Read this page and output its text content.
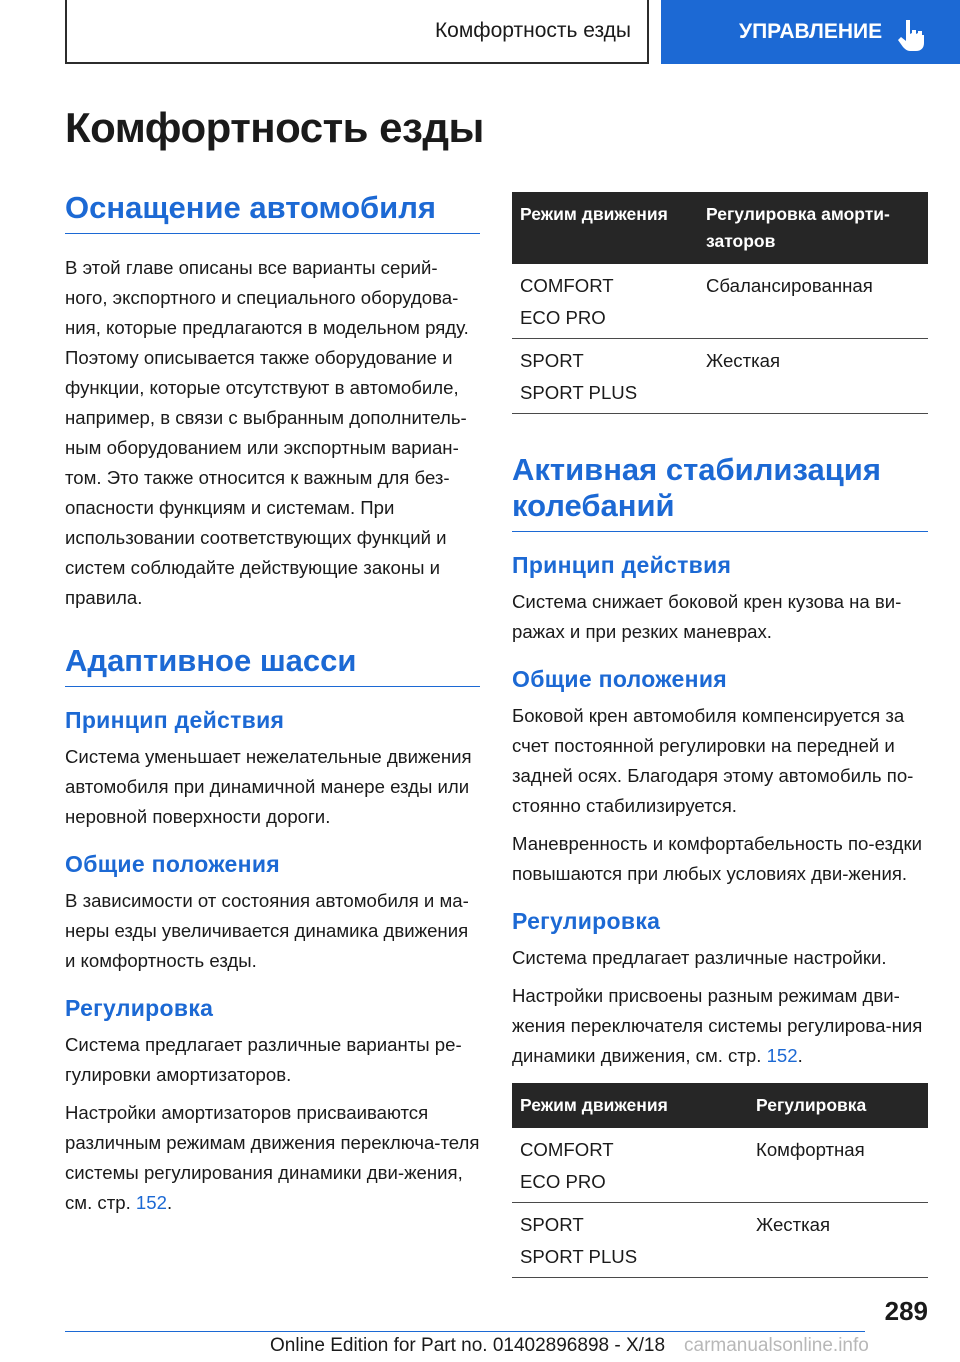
Комфортность езды	УПРАВЛЕНИЕ
Комфортность езды
Оснащение автомобиля
В этой главе описаны все варианты серий-ного, экспортного и специального оборудова-ния, которые предлагаются в модельном ряду. Поэтому описывается также оборудование и функции, которые отсутствуют в автомобиле, например, в связи с выбранным дополнитель-ным оборудованием или экспортным вариан-том. Это также относится к важным для без-опасности функциям и системам. При использовании соответствующих функций и систем соблюдайте действующие законы и правила.
Адаптивное шасси
Принцип действия
Система уменьшает нежелательные движения автомобиля при динамичной манере езды или неровной поверхности дороги.
Общие положения
В зависимости от состояния автомобиля и ма-неры езды увеличивается динамика движения и комфортность езды.
Регулировка
Система предлагает различные варианты ре-гулировки амортизаторов.
Настройки амортизаторов присваиваются различным режимам движения переключа-теля системы регулирования динамики дви-жения, см. стр. 152.
Режим движения	Регулировка аморти-заторов

COMFORT
ECO PRO	Сбалансированная

SPORT
SPORT PLUS	Жесткая
Активная стабилизация колебаний
Принцип действия
Система снижает боковой крен кузова на ви-ражах и при резких маневрах.
Общие положения
Боковой крен автомобиля компенсируется за счет постоянной регулировки на передней и задней осях. Благодаря этому автомобиль по-стоянно стабилизируется.
Маневренность и комфортабельность по-ездки повышаются при любых условиях дви-жения.
Регулировка
Система предлагает различные настройки.
Настройки присвоены разным режимам дви-жения переключателя системы регулирова-ния динамики движения, см. стр. 152.
Режим движения	Регулировка

COMFORT
ECO PRO	Комфортная

SPORT
SPORT PLUS	Жесткая
289
Online Edition for Part no. 01402896898 - X/18 carmanualsonline.info
